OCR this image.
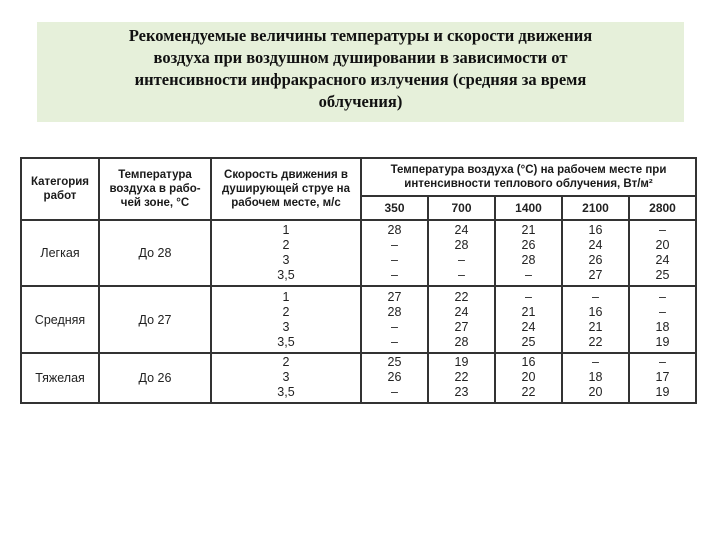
Рекомендуемые величины температуры и скорости движения
воздуха при воздушном душировании в зависимости от
интенсивности инфракрасного излучения (средняя за время
облучения)
Категория
работ	Температура
воздуха в рабо-
чей зоне, °С	Скорость движения в
душирующей струе на
рабочем месте, м/с	Температура воздуха (°С) на рабочем месте при
интенсивности теплового облучения, Вт/м²				

			350	700	1400	2100	2800
Легкая	До 28	1
2
3
3,5	28
–
–
–	24
28
–
–	21
26
28
–	16
24
26
27	–
20
24
25

Средняя	До 27	1
2
3
3,5	27
28
–
–	22
24
27
28	–
21
24
25	–
16
21
22	–
–
18
19

Тяжелая	До 26	2
3
3,5	25
26
–	19
22
23	16
20
22	–
18
20	–
17
19
